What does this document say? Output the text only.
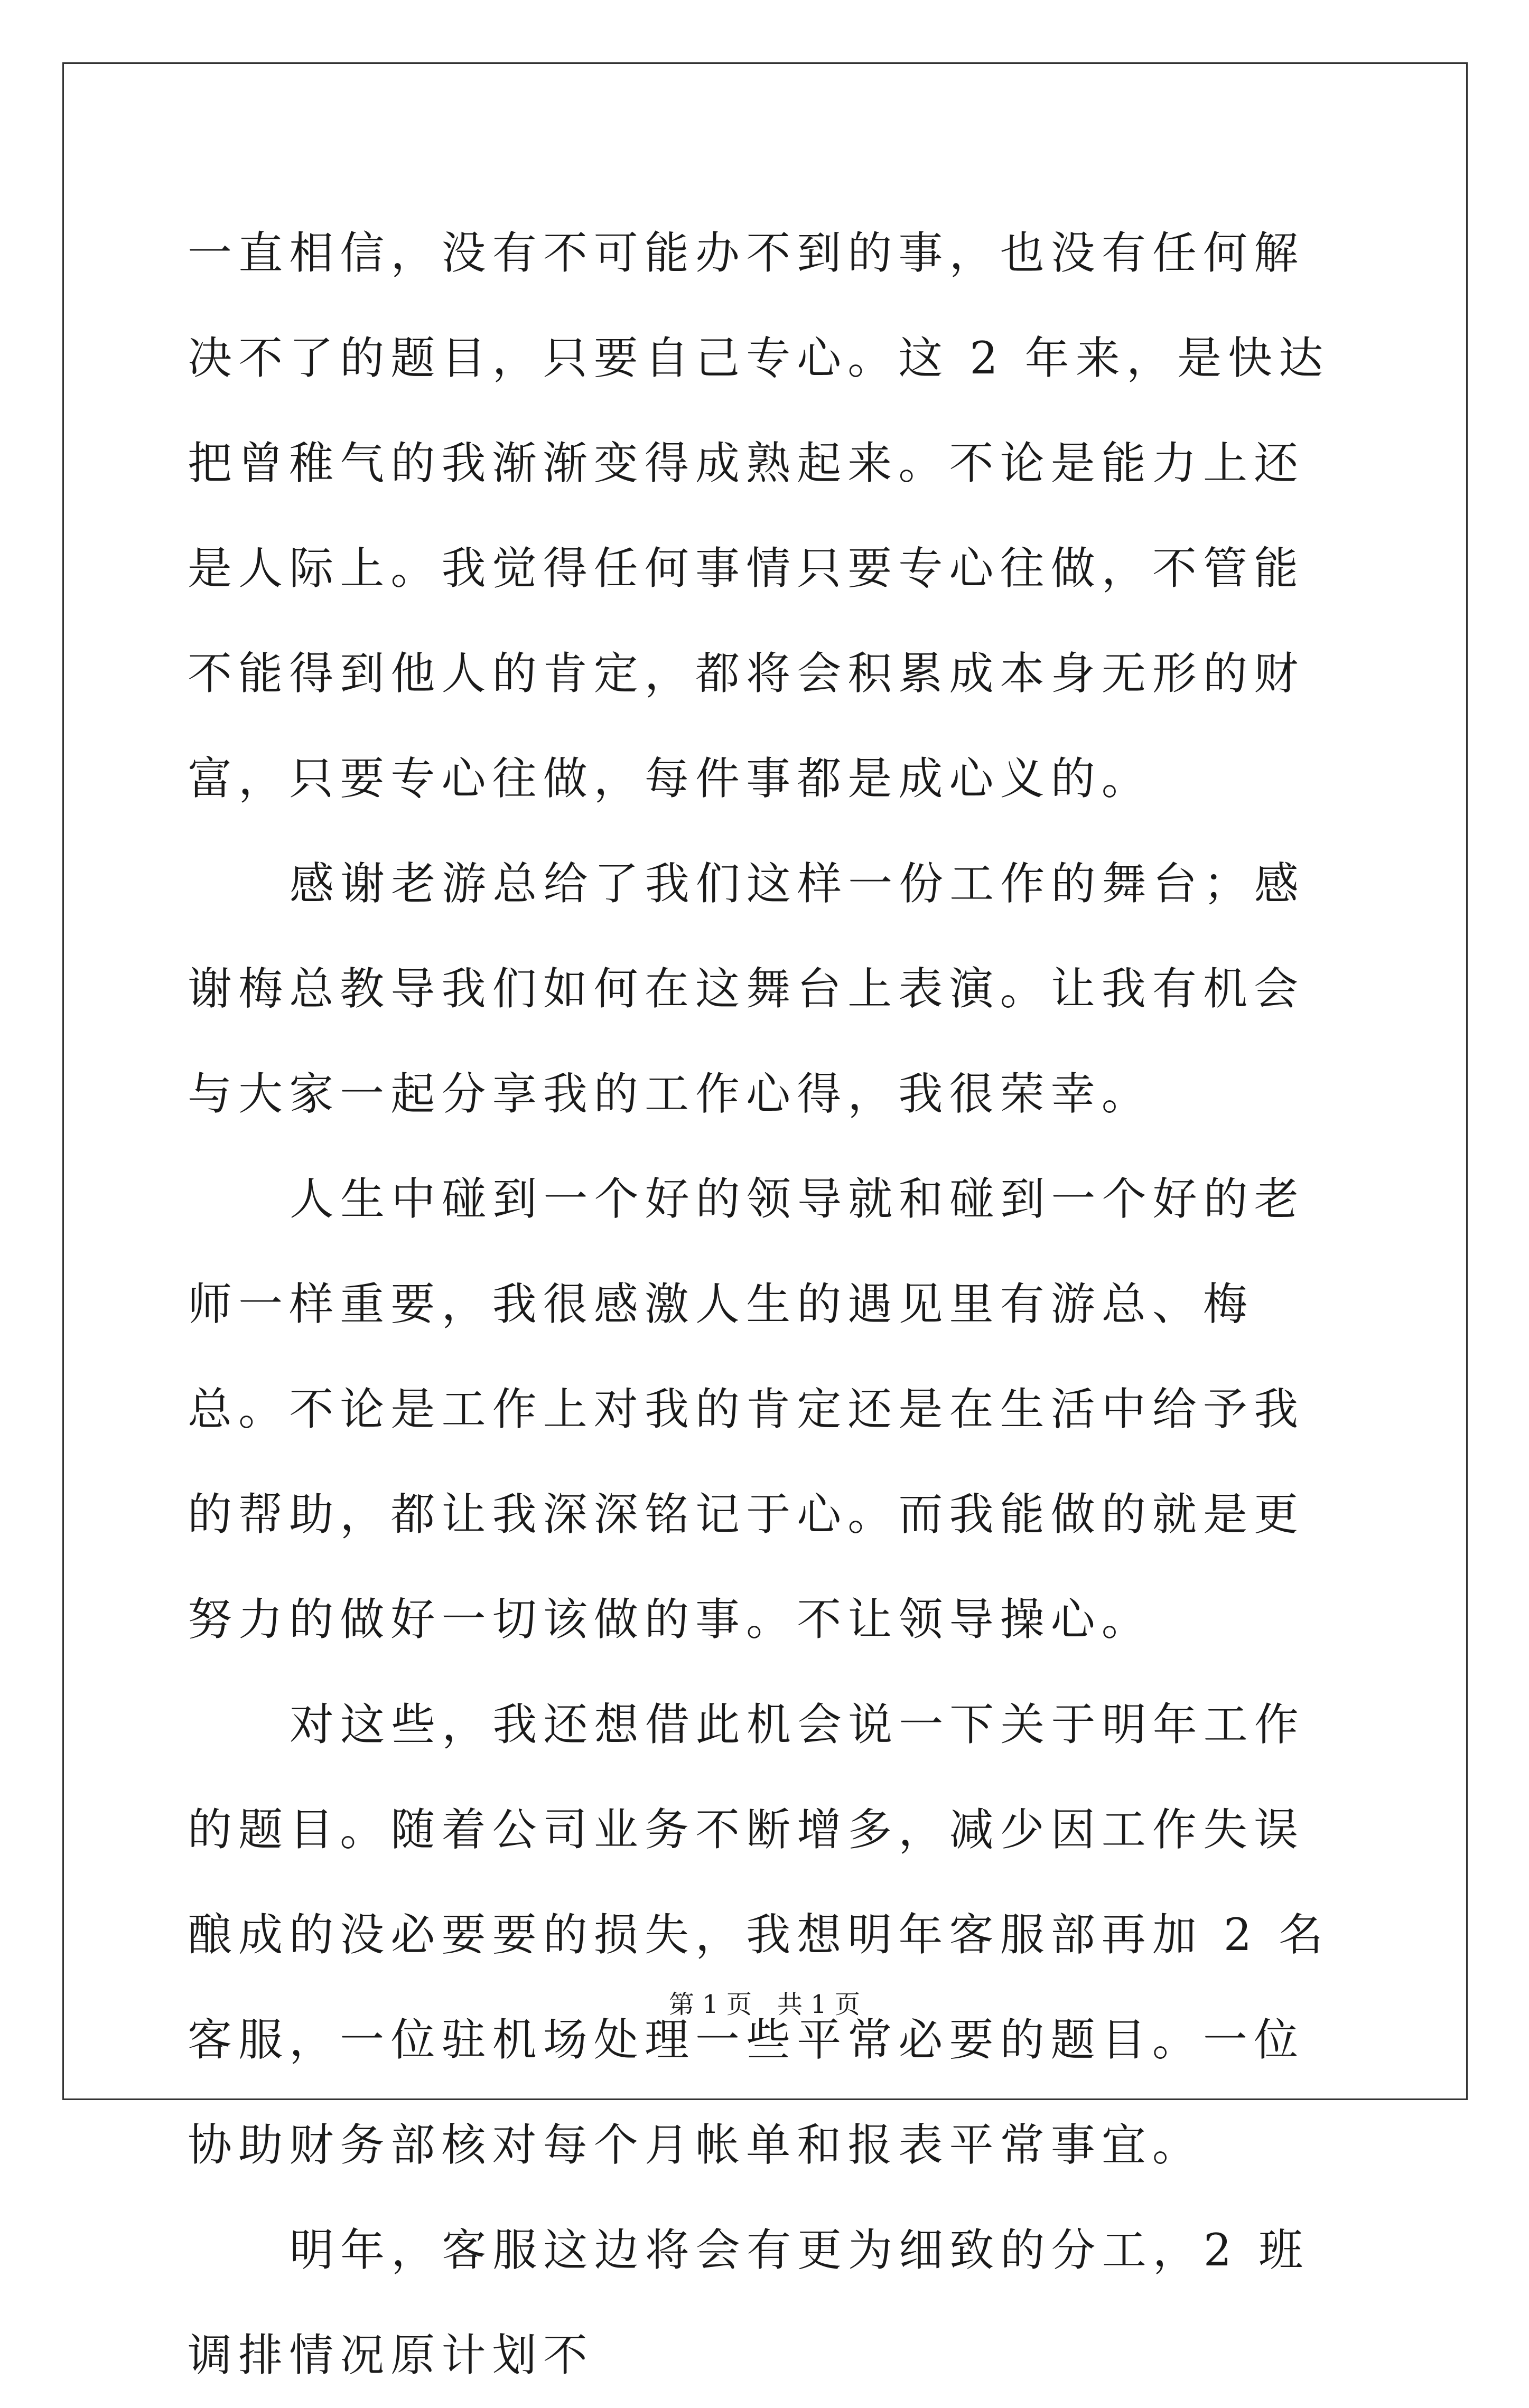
一直相信，没有不可能办不到的事，也没有任何解决不了的题目，只要自己专心。这 2 年来，是快达把曾稚气的我渐渐变得成熟起来。不论是能力上还是人际上。我觉得任何事情只要专心往做，不管能不能得到他人的肯定，都将会积累成本身无形的财富，只要专心往做，每件事都是成心义的。

感谢老游总给了我们这样一份工作的舞台；感谢梅总教导我们如何在这舞台上表演。让我有机会与大家一起分享我的工作心得，我很荣幸。

人生中碰到一个好的领导就和碰到一个好的老师一样重要，我很感激人生的遇见里有游总、梅总。不论是工作上对我的肯定还是在生活中给予我的帮助，都让我深深铭记于心。而我能做的就是更努力的做好一切该做的事。不让领导操心。

对这些，我还想借此机会说一下关于明年工作的题目。随着公司业务不断增多，减少因工作失误酿成的没必要要的损失，我想明年客服部再加 2 名客服，一位驻机场处理一些平常必要的题目。一位协助财务部核对每个月帐单和报表平常事宜。

明年，客服这边将会有更为细致的分工，2 班调排情况原计划不

第 1 页　共 1 页
